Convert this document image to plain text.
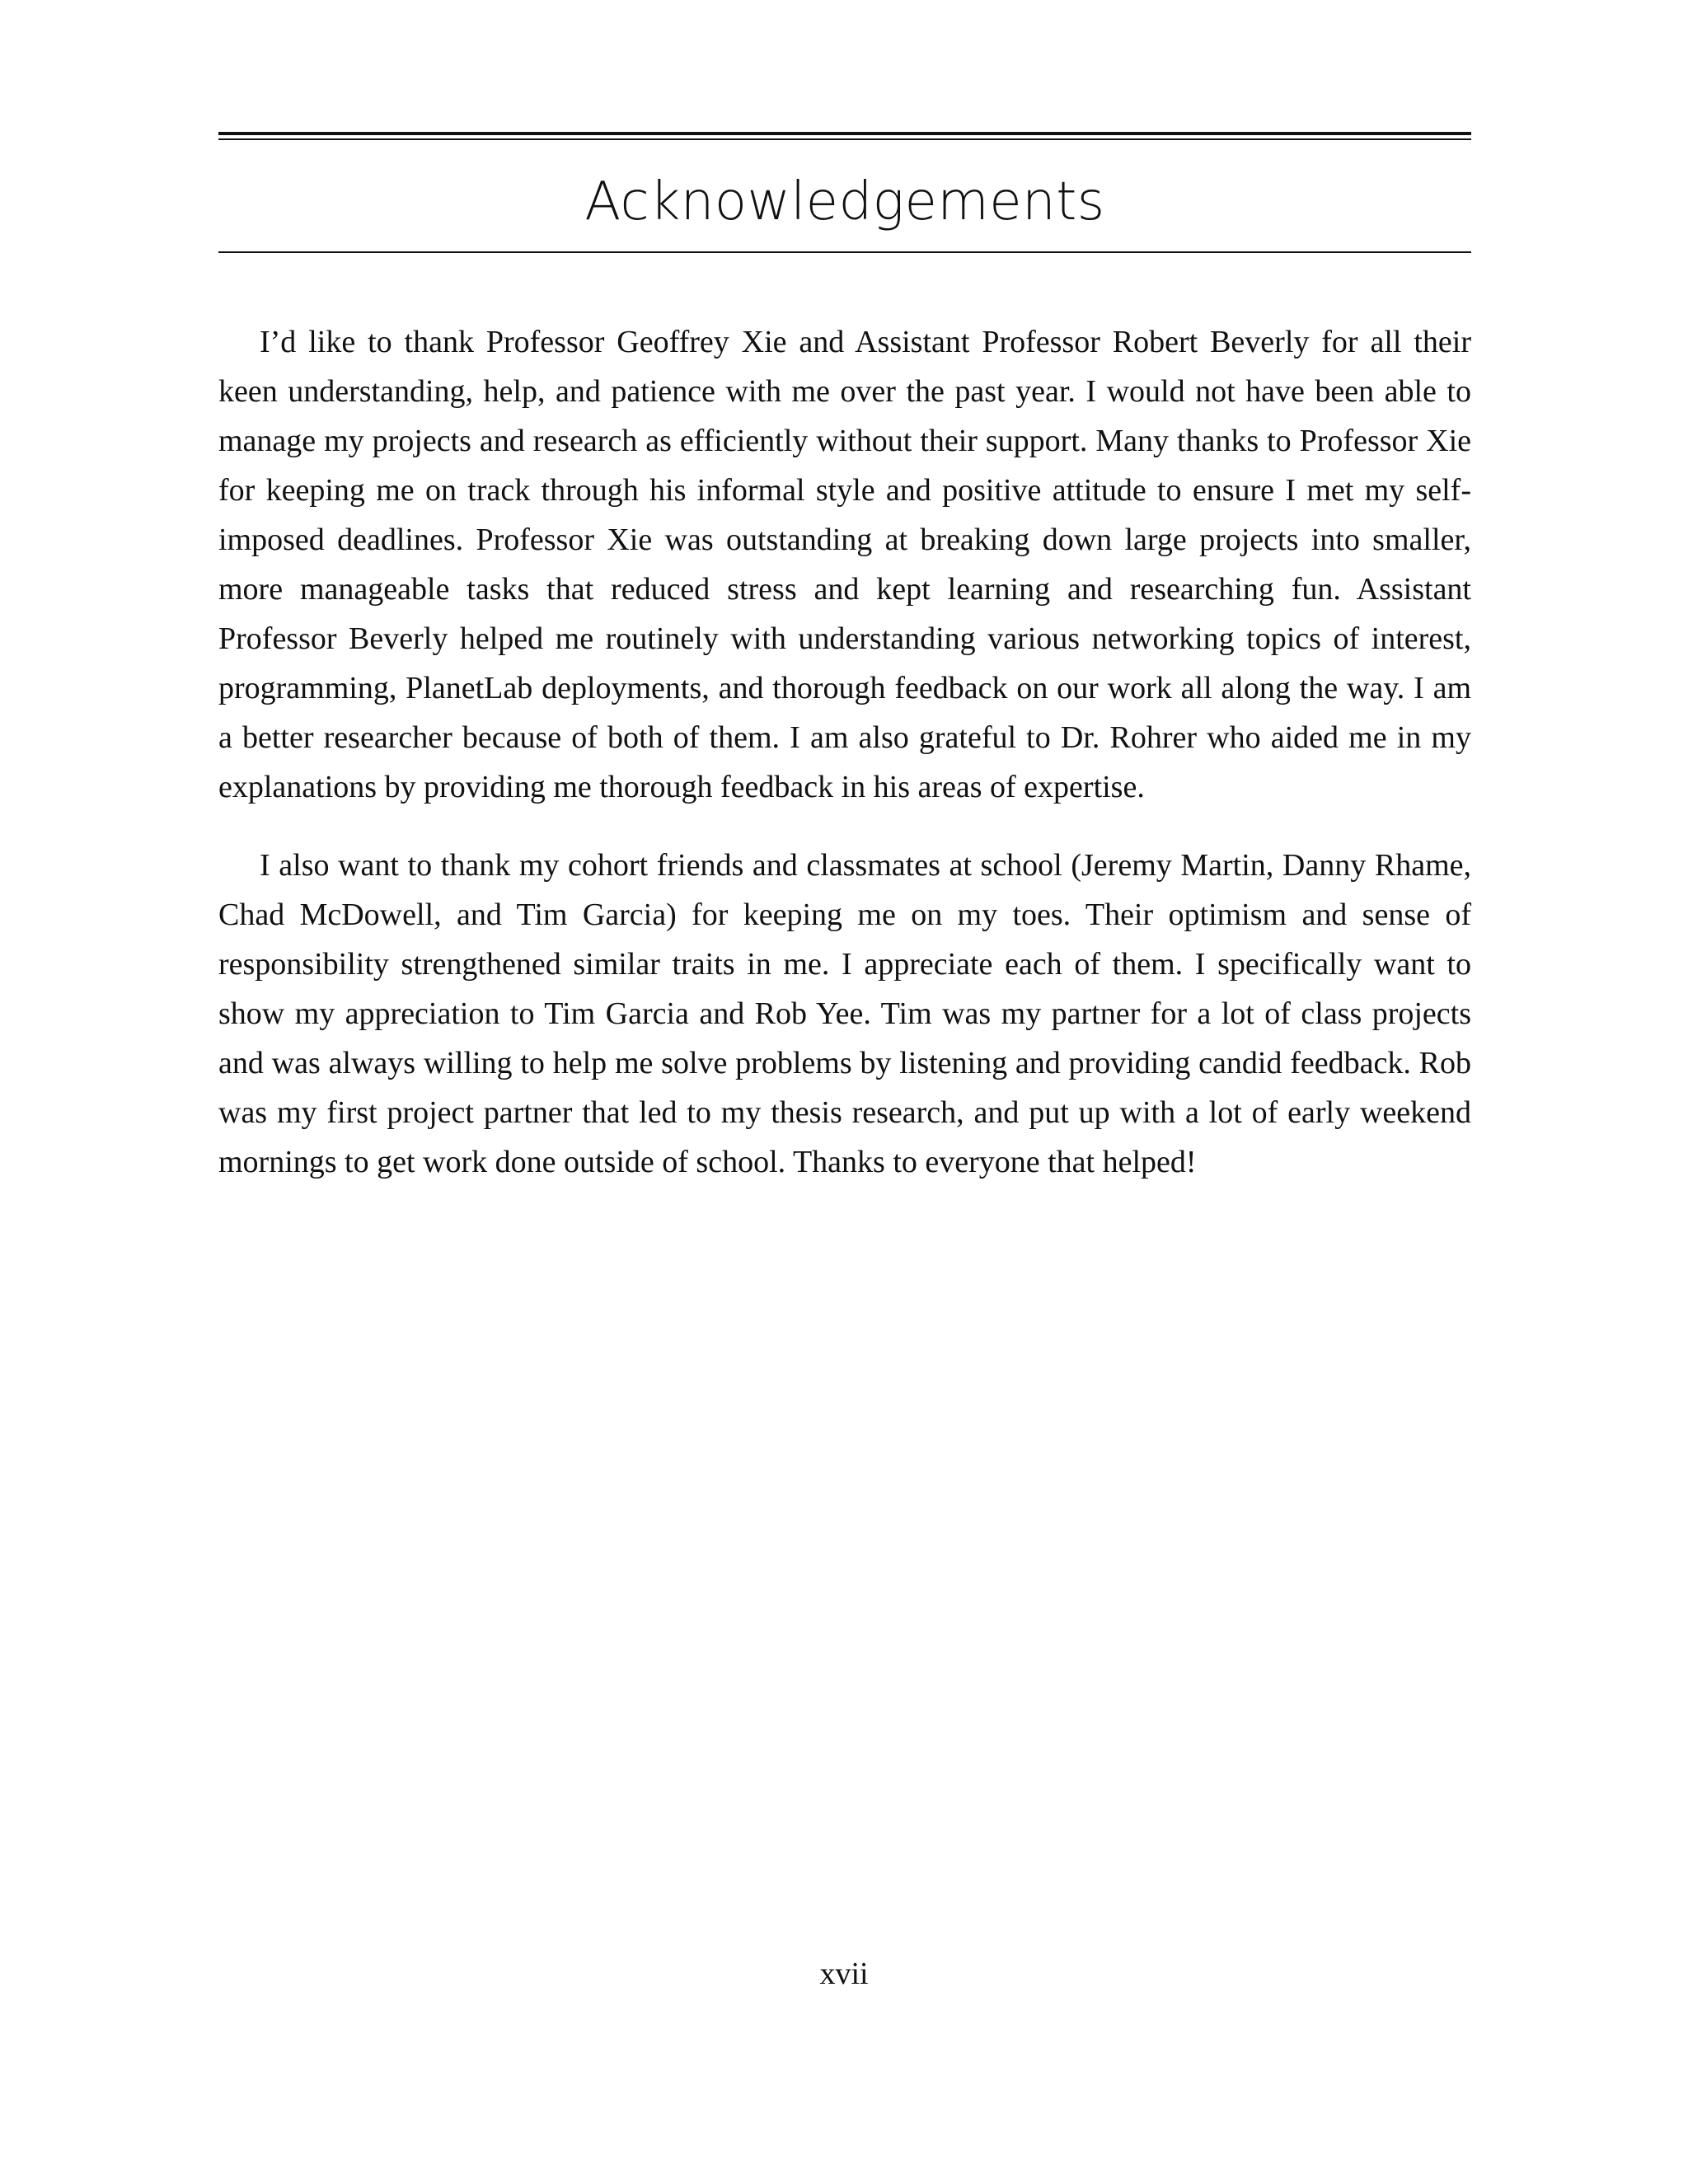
Acknowledgements

I’d like to thank Professor Geoffrey Xie and Assistant Professor Robert Beverly for all their keen understanding, help, and patience with me over the past year. I would not have been able to manage my projects and research as efficiently without their support. Many thanks to Professor Xie for keeping me on track through his informal style and positive attitude to ensure I met my self-imposed deadlines. Professor Xie was outstanding at breaking down large projects into smaller, more manageable tasks that reduced stress and kept learning and researching fun. Assistant Professor Beverly helped me routinely with understanding various networking topics of interest, programming, PlanetLab deployments, and thorough feedback on our work all along the way. I am a better researcher because of both of them. I am also grateful to Dr. Rohrer who aided me in my explanations by providing me thorough feedback in his areas of expertise.

I also want to thank my cohort friends and classmates at school (Jeremy Martin, Danny Rhame, Chad McDowell, and Tim Garcia) for keeping me on my toes. Their optimism and sense of responsibility strengthened similar traits in me. I appreciate each of them. I specifically want to show my appreciation to Tim Garcia and Rob Yee. Tim was my partner for a lot of class projects and was always willing to help me solve problems by listening and providing candid feedback. Rob was my first project partner that led to my thesis research, and put up with a lot of early weekend mornings to get work done outside of school. Thanks to everyone that helped!

xvii
